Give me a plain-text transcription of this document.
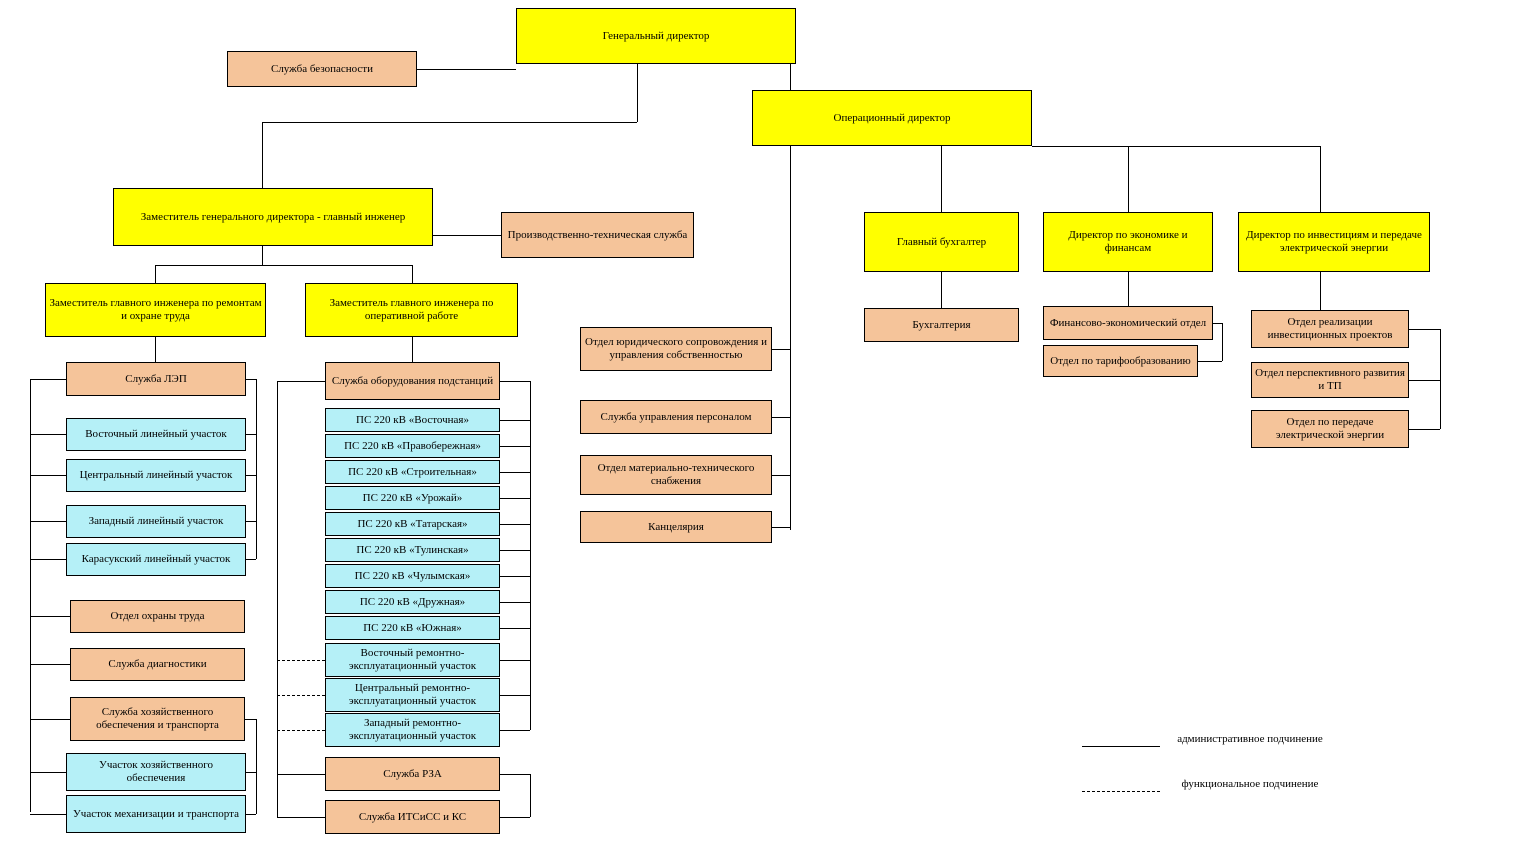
Генеральный директор
Служба безопасности
Операционный директор
Заместитель генерального директора - главный инженер
Производственно-техническая служба
Заместитель главного инженера по ремонтам и охране труда
Заместитель главного инженера по оперативной работе
Главный бухгалтер
Директор по экономике и финансам
Директор по инвестициям и передаче электрической энергии
Бухгалтерия	Финансово-экономический отдел
Отдел по тарифообразованию
Отдел реализации инвестиционных проектов
Отдел перспективного развития и ТП
Отдел по передаче электрической энергии
Отдел юридического сопровождения и управления собственностью
Служба управления персоналом
Отдел материально-технического снабжения
Канцелярия
Служба ЛЭП
Восточный линейный участок
Центральный линейный участок
Западный линейный участок
Карасукский линейный участок
Отдел охраны труда
Служба диагностики
Служба хозяйственного обеспечения и транспорта
Участок хозяйственного обеспечения
Участок механизации и транспорта
Служба оборудования подстанций
ПС 220 кВ «Восточная»
ПС 220 кВ «Правобережная»
ПС 220 кВ «Строительная»
ПС 220 кВ «Урожай»
ПС 220 кВ «Татарская»
ПС 220 кВ «Тулинская»
ПС 220 кВ «Чулымская»
ПС 220 кВ «Дружная»
ПС 220 кВ «Южная»
Восточный ремонтно-эксплуатационный участок
Центральный ремонтно-эксплуатационный участок
Западный ремонтно-эксплуатационный участок
Служба РЗА
Служба ИТСиСС и КС
административное подчинение
функциональное подчинение
